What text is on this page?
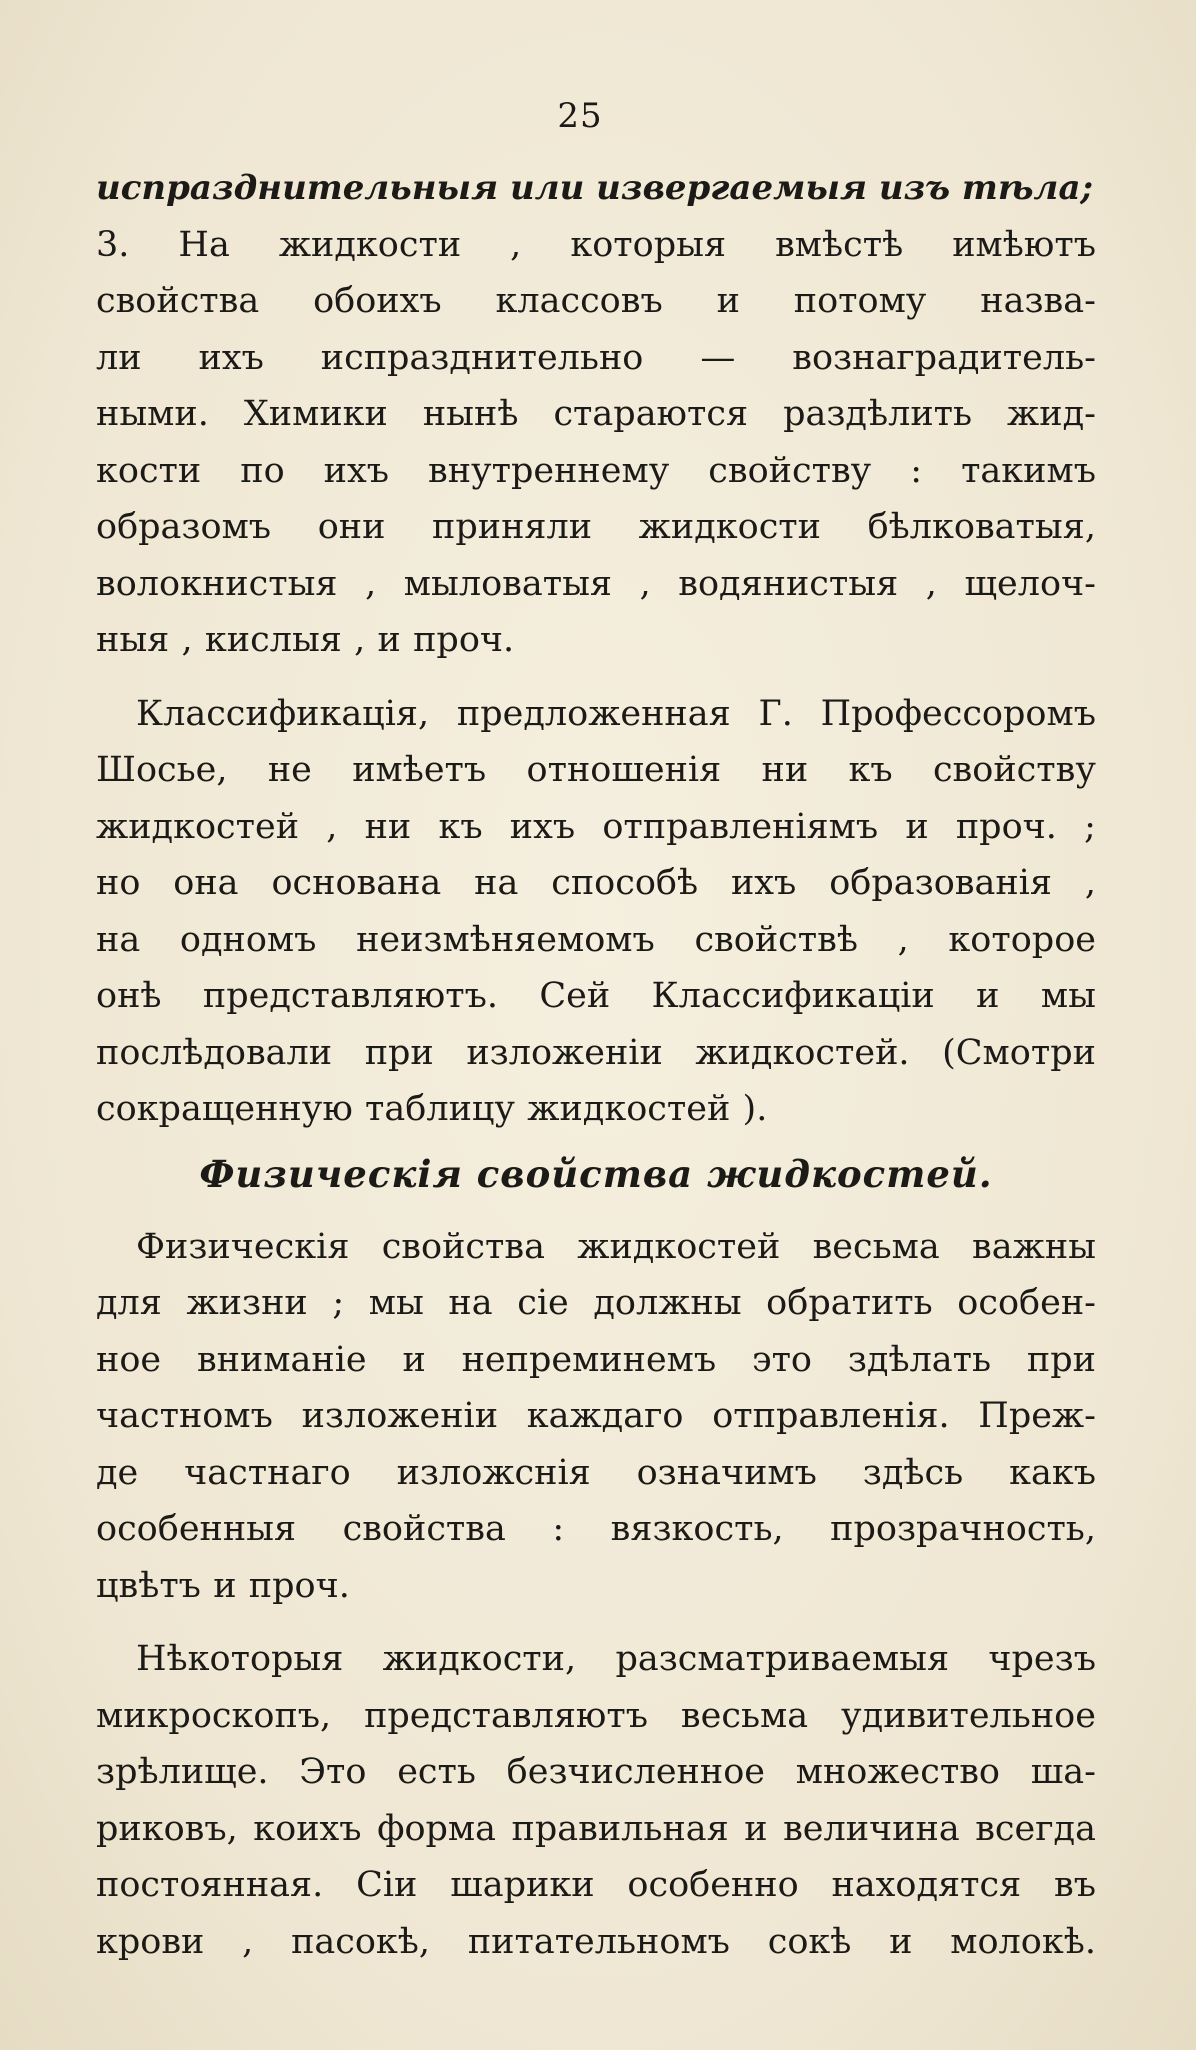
25
испразднительныя или извергаемыя изъ тѣла;
3. На жидкости , которыя вмѣстѣ имѣютъ
свойства обоихъ классовъ и потому назва-
ли ихъ испразднительно — вознаградитель-
ными. Химики нынѣ стараются раздѣлить жид-
кости по ихъ внутреннему свойству : такимъ
образомъ они приняли жидкости бѣлковатыя,
волокнистыя , мыловатыя , водянистыя , щелоч-
ныя , кислыя , и проч.
Классификація, предложенная Г. Профессоромъ
Шосье, не имѣетъ отношенія ни къ свойству
жидкостей , ни къ ихъ отправленіямъ и проч. ;
но она основана на способѣ ихъ образованія ,
на одномъ неизмѣняемомъ свойствѣ , которое
онѣ представляютъ. Сей Классификаціи и мы
послѣдовали при изложеніи жидкостей. (Смотри
сокращенную таблицу жидкостей ).
Физическія свойства жидкостей.
Физическія свойства жидкостей весьма важны
для жизни ; мы на сіе должны обратить особен-
ное вниманіе и непреминемъ это здѣлать при
частномъ изложеніи каждаго отправленія. Преж-
де частнаго изложснія означимъ здѣсь какъ
особенныя свойства : вязкость, прозрачность,
цвѣтъ и проч.
Нѣкоторыя жидкости, разсматриваемыя чрезъ
микроскопъ, представляютъ весьма удивительное
зрѣлище. Это есть безчисленное множество ша-
риковъ, коихъ форма правильная и величина всегда
постоянная. Сіи шарики особенно находятся въ
крови , пасокѣ, питательномъ сокѣ и молокѣ.
